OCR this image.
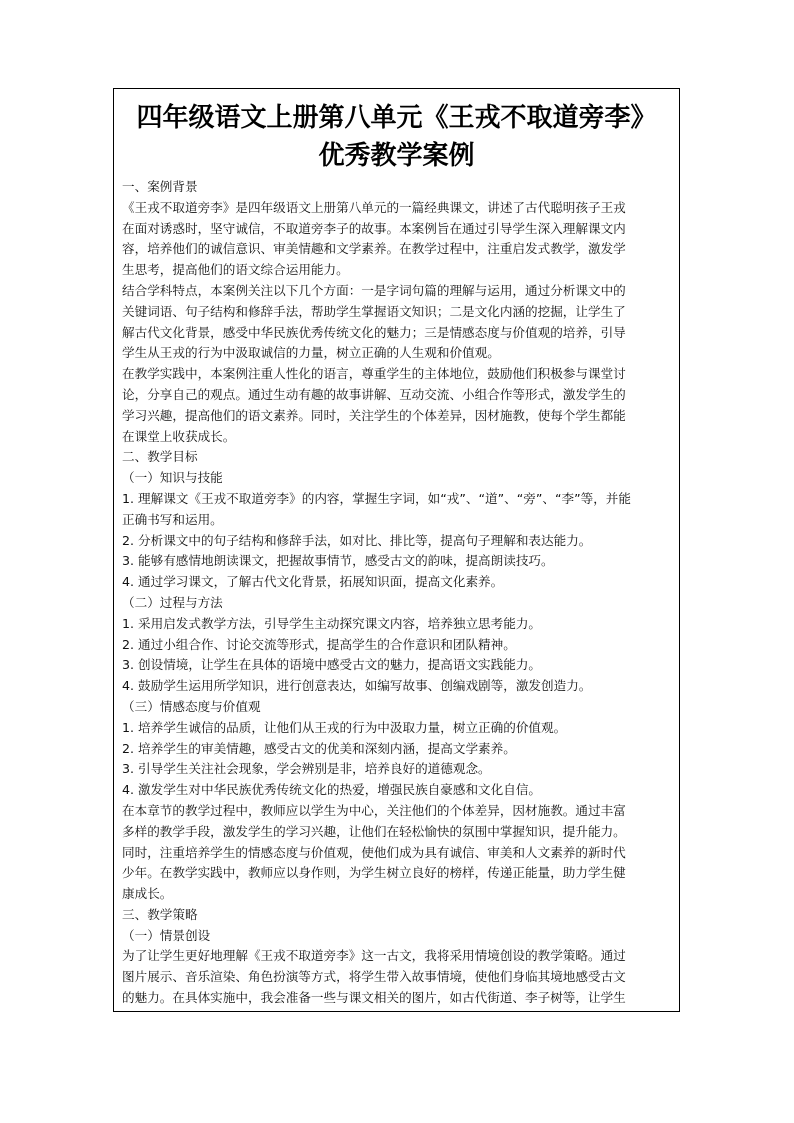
四年级语文上册第八单元《王戎不取道旁李》
优秀教学案例
一、案例背景
《王戎不取道旁李》是四年级语文上册第八单元的一篇经典课文，讲述了古代聪明孩子王戎
在面对诱惑时，坚守诚信，不取道旁李子的故事。本案例旨在通过引导学生深入理解课文内
容，培养他们的诚信意识、审美情趣和文学素养。在教学过程中，注重启发式教学，激发学
生思考，提高他们的语文综合运用能力。
结合学科特点，本案例关注以下几个方面：一是字词句篇的理解与运用，通过分析课文中的
关键词语、句子结构和修辞手法，帮助学生掌握语文知识；二是文化内涵的挖掘，让学生了
解古代文化背景，感受中华民族优秀传统文化的魅力；三是情感态度与价值观的培养，引导
学生从王戎的行为中汲取诚信的力量，树立正确的人生观和价值观。
在教学实践中，本案例注重人性化的语言，尊重学生的主体地位，鼓励他们积极参与课堂讨
论，分享自己的观点。通过生动有趣的故事讲解、互动交流、小组合作等形式，激发学生的
学习兴趣，提高他们的语文素养。同时，关注学生的个体差异，因材施教，使每个学生都能
在课堂上收获成长。
二、教学目标
（一）知识与技能
1. 理解课文《王戎不取道旁李》的内容，掌握生字词，如“戎”、“道”、“旁”、“李”等，并能
正确书写和运用。
2. 分析课文中的句子结构和修辞手法，如对比、排比等，提高句子理解和表达能力。
3. 能够有感情地朗读课文，把握故事情节，感受古文的韵味，提高朗读技巧。
4. 通过学习课文，了解古代文化背景，拓展知识面，提高文化素养。
（二）过程与方法
1. 采用启发式教学方法，引导学生主动探究课文内容，培养独立思考能力。
2. 通过小组合作、讨论交流等形式，提高学生的合作意识和团队精神。
3. 创设情境，让学生在具体的语境中感受古文的魅力，提高语文实践能力。
4. 鼓励学生运用所学知识，进行创意表达，如编写故事、创编戏剧等，激发创造力。
（三）情感态度与价值观
1. 培养学生诚信的品质，让他们从王戎的行为中汲取力量，树立正确的价值观。
2. 培养学生的审美情趣，感受古文的优美和深刻内涵，提高文学素养。
3. 引导学生关注社会现象，学会辨别是非，培养良好的道德观念。
4. 激发学生对中华民族优秀传统文化的热爱，增强民族自豪感和文化自信。
在本章节的教学过程中，教师应以学生为中心，关注他们的个体差异，因材施教。通过丰富
多样的教学手段，激发学生的学习兴趣，让他们在轻松愉快的氛围中掌握知识，提升能力。
同时，注重培养学生的情感态度与价值观，使他们成为具有诚信、审美和人文素养的新时代
少年。在教学实践中，教师应以身作则，为学生树立良好的榜样，传递正能量，助力学生健
康成长。
三、教学策略
（一）情景创设
为了让学生更好地理解《王戎不取道旁李》这一古文，我将采用情境创设的教学策略。通过
图片展示、音乐渲染、角色扮演等方式，将学生带入故事情境，使他们身临其境地感受古文
的魅力。在具体实施中，我会准备一些与课文相关的图片，如古代街道、李子树等，让学生
